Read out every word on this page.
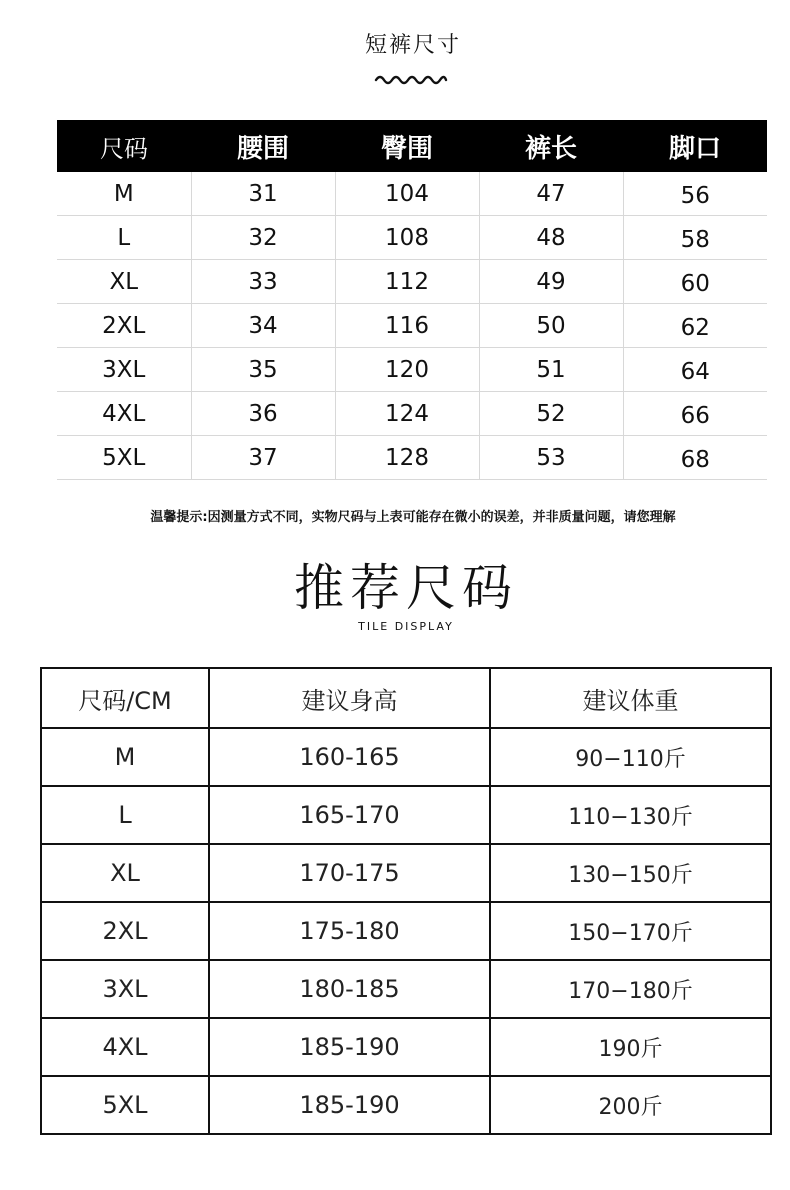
短裤尺寸
尺码	腰围	臀围	裤长	脚口
M	31	104	47	56
L	32	108	48	58
XL	33	112	49	60
2XL	34	116	50	62
3XL	35	120	51	64
4XL	36	124	52	66
5XL	37	128	53	68
温馨提示:因测量方式不同，实物尺码与上表可能存在微小的误差，并非质量问题，请您理解
推荐尺码
TILE DISPLAY
尺码/CM	建议身高	建议体重
M	160-165	90−110斤
L	165-170	110−130斤
XL	170-175	130−150斤
2XL	175-180	150−170斤
3XL	180-185	170−180斤
4XL	185-190	190斤
5XL	185-190	200斤
